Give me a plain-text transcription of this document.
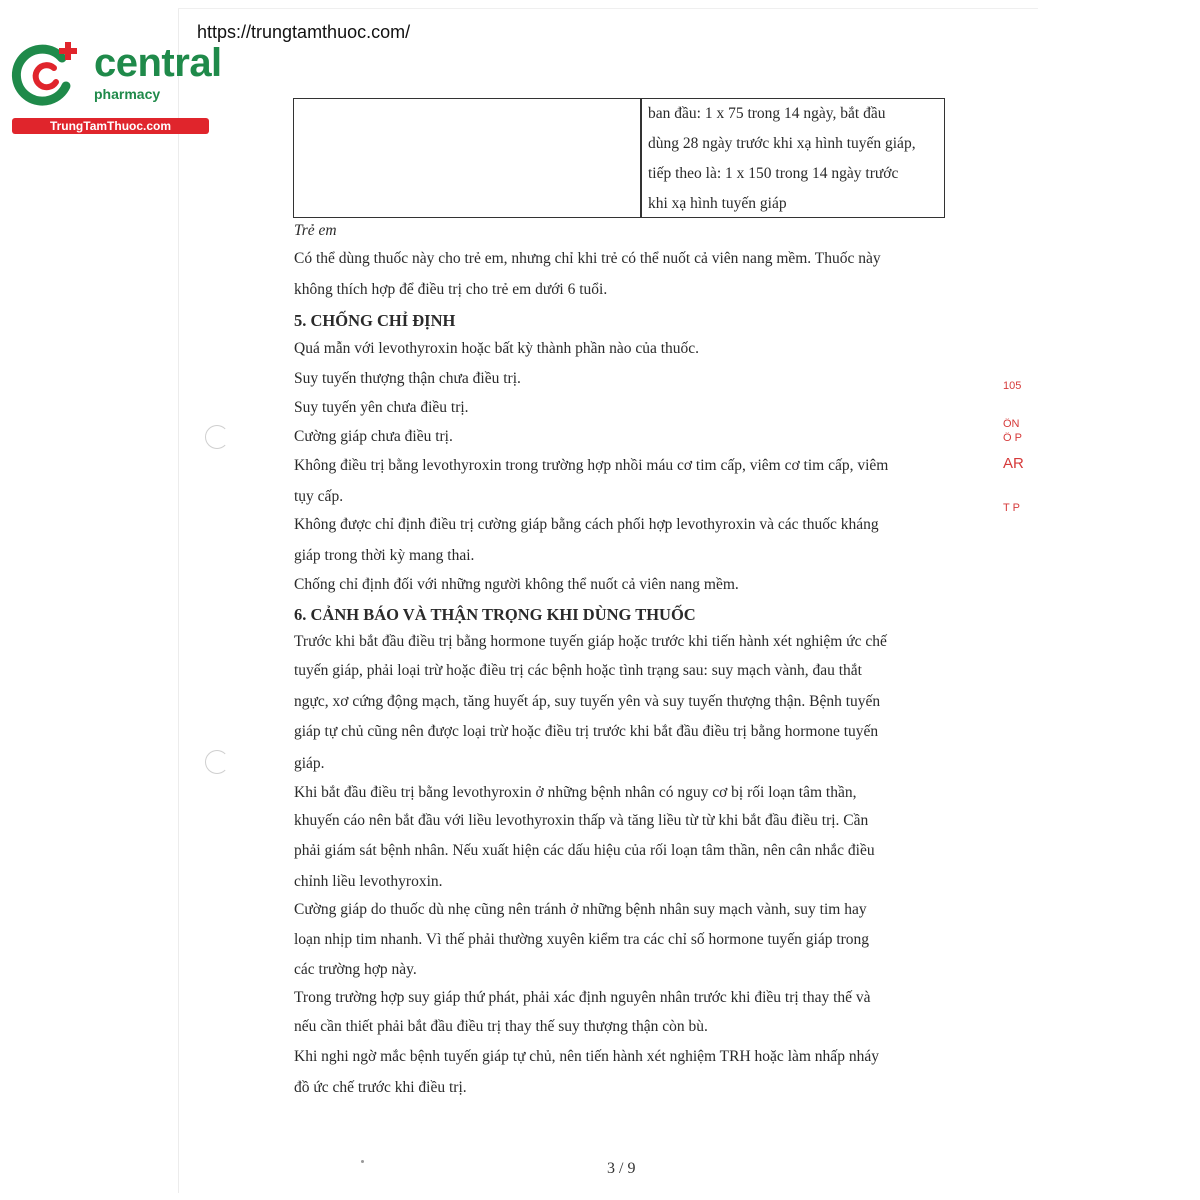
https://trungtamthuoc.com/
central
pharmacy
TrungTamThuoc.com
ban đầu: 1 x 75 trong 14 ngày, bắt đầu
dùng 28 ngày trước khi xạ hình tuyến giáp,
tiếp theo là: 1 x 150 trong 14 ngày trước
khi xạ hình tuyến giáp
Trẻ em
Có thể dùng thuốc này cho trẻ em, nhưng chỉ khi trẻ có thể nuốt cả viên nang mềm. Thuốc này
không thích hợp để điều trị cho trẻ em dưới 6 tuổi.
5. CHỐNG CHỈ ĐỊNH
Quá mẫn với levothyroxin hoặc bất kỳ thành phần nào của thuốc.
Suy tuyến thượng thận chưa điều trị.
Suy tuyến yên chưa điều trị.
Cường giáp chưa điều trị.
Không điều trị bằng levothyroxin trong trường hợp nhồi máu cơ tim cấp, viêm cơ tim cấp, viêm
tụy cấp.
Không được chỉ định điều trị cường giáp bằng cách phối hợp levothyroxin và các thuốc kháng
giáp trong thời kỳ mang thai.
Chống chỉ định đối với những người không thể nuốt cả viên nang mềm.
6. CẢNH BÁO VÀ THẬN TRỌNG KHI DÙNG THUỐC
Trước khi bắt đầu điều trị bằng hormone tuyến giáp hoặc trước khi tiến hành xét nghiệm ức chế
tuyến giáp, phải loại trừ hoặc điều trị các bệnh hoặc tình trạng sau: suy mạch vành, đau thắt
ngực, xơ cứng động mạch, tăng huyết áp, suy tuyến yên và suy tuyến thượng thận. Bệnh tuyến
giáp tự chủ cũng nên được loại trừ hoặc điều trị trước khi bắt đầu điều trị bằng hormone tuyến
giáp.
Khi bắt đầu điều trị bằng levothyroxin ở những bệnh nhân có nguy cơ bị rối loạn tâm thần,
khuyến cáo nên bắt đầu với liều levothyroxin thấp và tăng liều từ từ khi bắt đầu điều trị. Cần
phải giám sát bệnh nhân. Nếu xuất hiện các dấu hiệu của rối loạn tâm thần, nên cân nhắc điều
chỉnh liều levothyroxin.
Cường giáp do thuốc dù nhẹ cũng nên tránh ở những bệnh nhân suy mạch vành, suy tim hay
loạn nhịp tim nhanh. Vì thế phải thường xuyên kiểm tra các chỉ số hormone tuyến giáp trong
các trường hợp này.
Trong trường hợp suy giáp thứ phát, phải xác định nguyên nhân trước khi điều trị thay thế và
nếu cần thiết phải bắt đầu điều trị thay thế suy thượng thận còn bù.
Khi nghi ngờ mắc bệnh tuyến giáp tự chủ, nên tiến hành xét nghiệm TRH hoặc làm nhấp nháy
đồ ức chế trước khi điều trị.
105
ÔN
Ô P
AR
T P
3 / 9
